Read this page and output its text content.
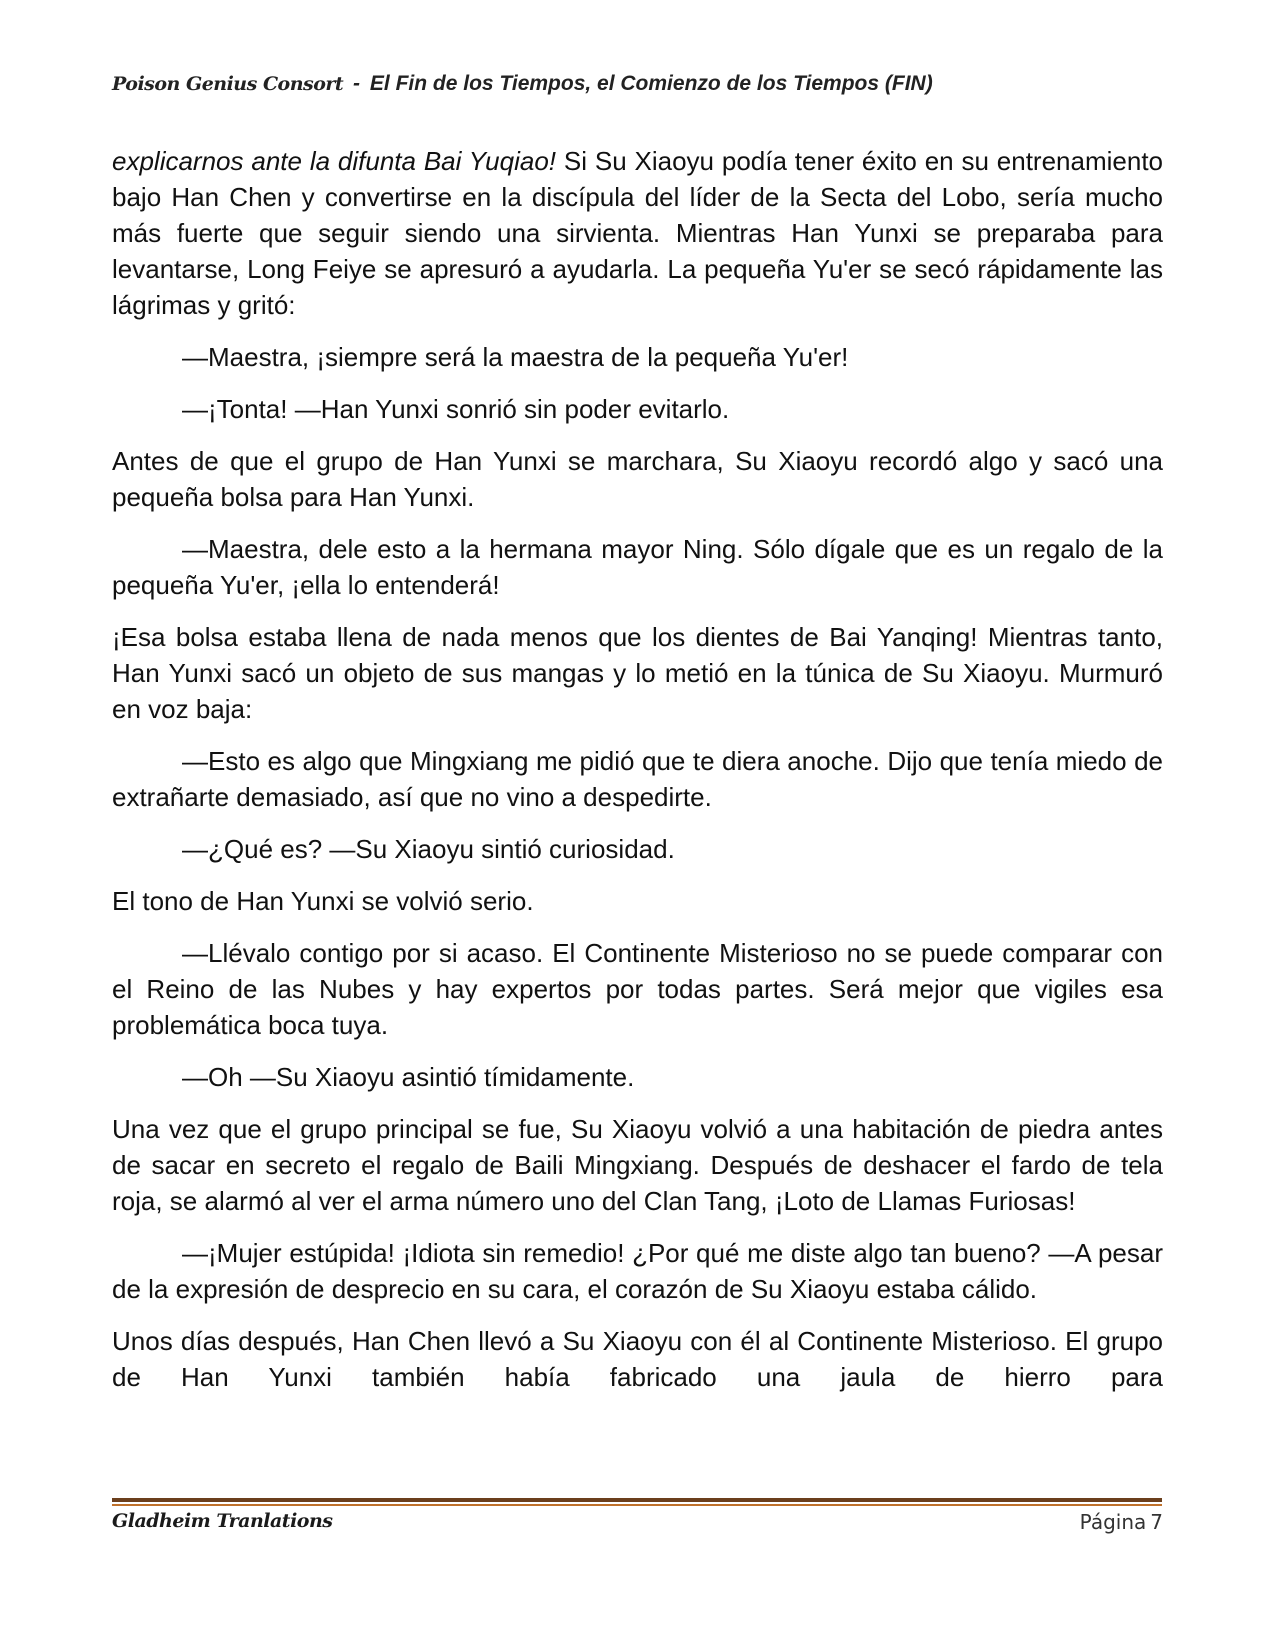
Poison Genius Consort - El Fin de los Tiempos, el Comienzo de los Tiempos (FIN)

explicarnos ante la difunta Bai Yuqiao! Si Su Xiaoyu podía tener éxito en su entrenamiento bajo Han Chen y convertirse en la discípula del líder de la Secta del Lobo, sería mucho más fuerte que seguir siendo una sirvienta. Mientras Han Yunxi se preparaba para levantarse, Long Feiye se apresuró a ayudarla. La pequeña Yu'er se secó rápidamente las lágrimas y gritó:

—Maestra, ¡siempre será la maestra de la pequeña Yu'er!

—¡Tonta! —Han Yunxi sonrió sin poder evitarlo.

Antes de que el grupo de Han Yunxi se marchara, Su Xiaoyu recordó algo y sacó una pequeña bolsa para Han Yunxi.

—Maestra, dele esto a la hermana mayor Ning. Sólo dígale que es un regalo de la pequeña Yu'er, ¡ella lo entenderá!

¡Esa bolsa estaba llena de nada menos que los dientes de Bai Yanqing! Mientras tanto, Han Yunxi sacó un objeto de sus mangas y lo metió en la túnica de Su Xiaoyu. Murmuró en voz baja:

—Esto es algo que Mingxiang me pidió que te diera anoche. Dijo que tenía miedo de extrañarte demasiado, así que no vino a despedirte.

—¿Qué es? —Su Xiaoyu sintió curiosidad.

El tono de Han Yunxi se volvió serio.

—Llévalo contigo por si acaso. El Continente Misterioso no se puede comparar con el Reino de las Nubes y hay expertos por todas partes. Será mejor que vigiles esa problemática boca tuya.

—Oh —Su Xiaoyu asintió tímidamente.

Una vez que el grupo principal se fue, Su Xiaoyu volvió a una habitación de piedra antes de sacar en secreto el regalo de Baili Mingxiang. Después de deshacer el fardo de tela roja, se alarmó al ver el arma número uno del Clan Tang, ¡Loto de Llamas Furiosas!

—¡Mujer estúpida! ¡Idiota sin remedio! ¿Por qué me diste algo tan bueno? —A pesar de la expresión de desprecio en su cara, el corazón de Su Xiaoyu estaba cálido.

Unos días después, Han Chen llevó a Su Xiaoyu con él al Continente Misterioso. El grupo de Han Yunxi también había fabricado una jaula de hierro para

Gladheim Tranlations	Página 7
